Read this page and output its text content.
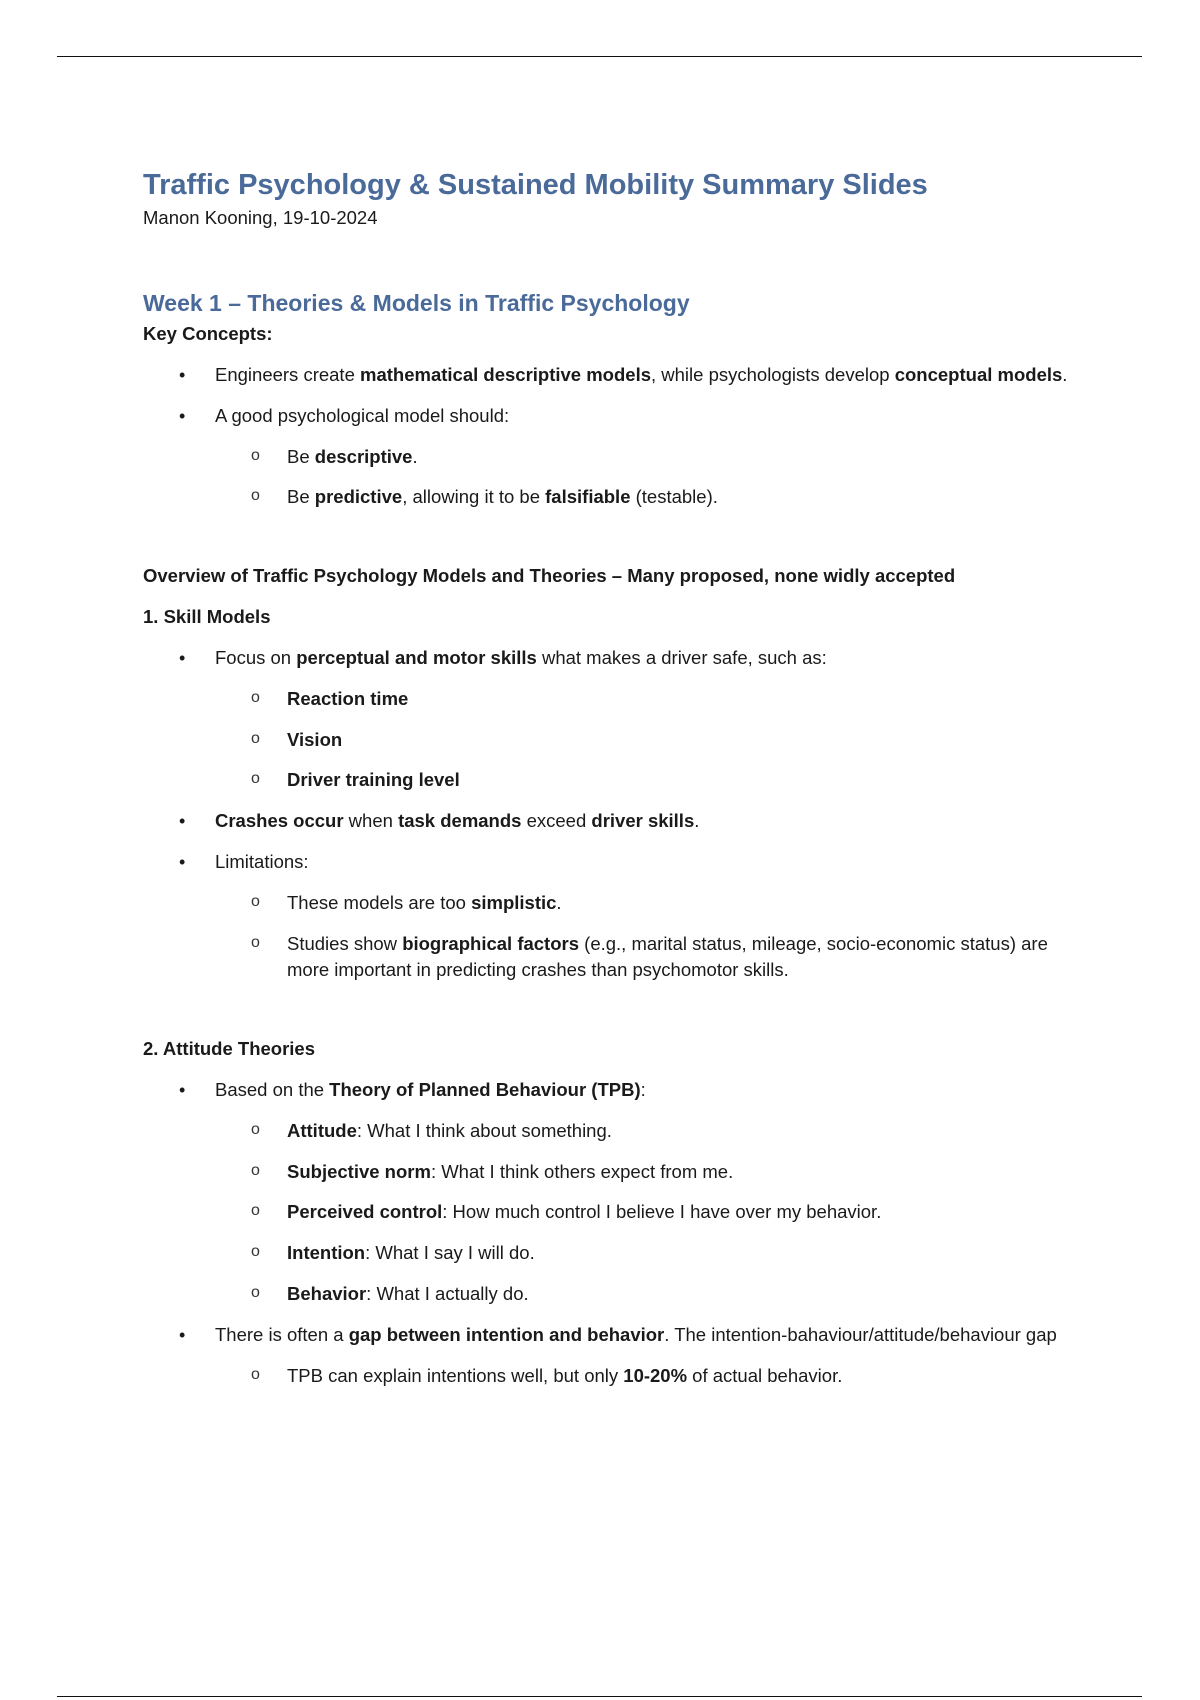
Traffic Psychology & Sustained Mobility Summary Slides

Manon Kooning, 19-10-2024

Week 1 – Theories & Models in Traffic Psychology

Key Concepts:

• Engineers create mathematical descriptive models, while psychologists develop conceptual models.
• A good psychological model should:
o Be descriptive.
o Be predictive, allowing it to be falsifiable (testable).

Overview of Traffic Psychology Models and Theories – Many proposed, none widly accepted

1. Skill Models

• Focus on perceptual and motor skills what makes a driver safe, such as:
o Reaction time
o Vision
o Driver training level
• Crashes occur when task demands exceed driver skills.
• Limitations:
o These models are too simplistic.
o Studies show biographical factors (e.g., marital status, mileage, socio-economic status) are more important in predicting crashes than psychomotor skills.

2. Attitude Theories

• Based on the Theory of Planned Behaviour (TPB):
o Attitude: What I think about something.
o Subjective norm: What I think others expect from me.
o Perceived control: How much control I believe I have over my behavior.
o Intention: What I say I will do.
o Behavior: What I actually do.
• There is often a gap between intention and behavior. The intention-bahaviour/attitude/behaviour gap
o TPB can explain intentions well, but only 10-20% of actual behavior.
